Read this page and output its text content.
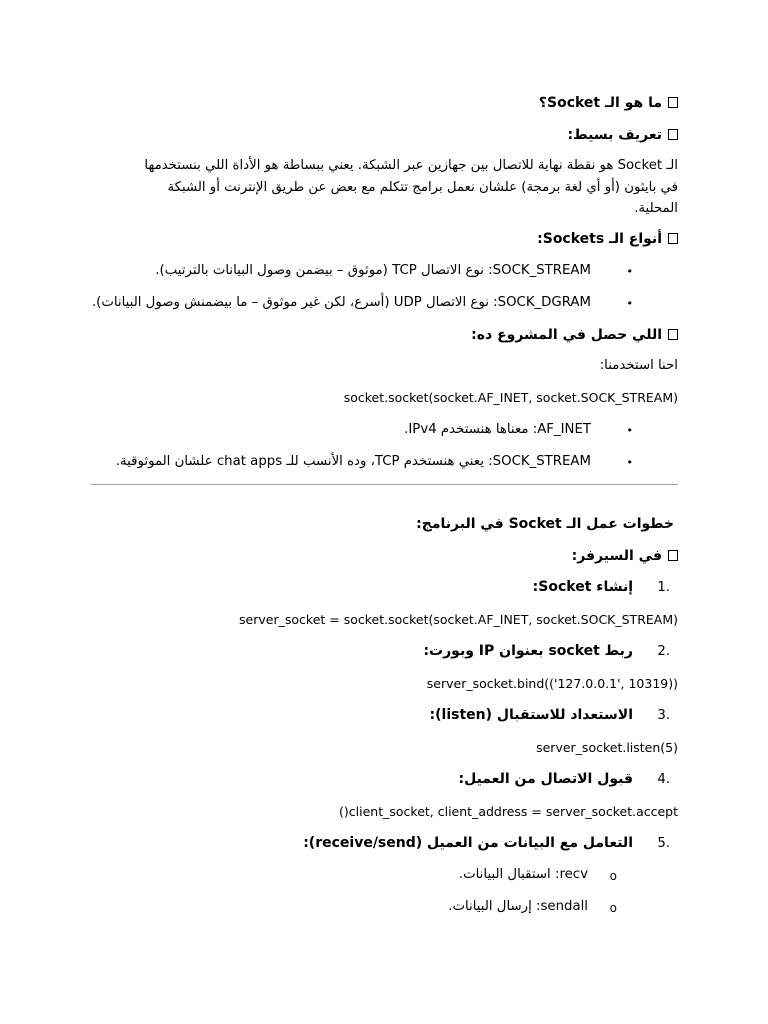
ما هو الـ Socket؟
تعريف بسيط:
الـ Socket هو نقطة نهاية للاتصال بين جهازين عبر الشبكة. يعني ببساطة هو الأداة اللي بنستخدمها
في بايثون (أو أي لغة برمجة) علشان نعمل برامج تتكلم مع بعض عن طريق الإنترنت أو الشبكة
المحلية.
أنواع الـ Sockets:
•
SOCK_STREAM: نوع الاتصال TCP (موثوق – بيضمن وصول البيانات بالترتيب).
•
SOCK_DGRAM: نوع الاتصال UDP (أسرع، لكن غير موثوق – ما بيضمنش وصول البيانات).
اللي حصل في المشروع ده:
احنا استخدمنا:
socket.socket(socket.AF_INET, socket.SOCK_STREAM)
•
AF_INET: معناها هنستخدم IPv4.
•
SOCK_STREAM: يعني هنستخدم TCP، وده الأنسب للـ chat apps علشان الموثوقية.
خطوات عمل الـ Socket في البرنامج:
في السيرفر:
1.
إنشاء Socket:
server_socket = socket.socket(socket.AF_INET, socket.SOCK_STREAM)
2.
ربط socket بعنوان IP وبورت:
server_socket.bind(('127.0.0.1', 10319))
3.
الاستعداد للاستقبال (listen):
server_socket.listen(5)
4.
قبول الاتصال من العميل:
client_socket, client_address = server_socket.accept()
5.
التعامل مع البيانات من العميل (receive/send):
o
recv: استقبال البيانات.
o
sendall: إرسال البيانات.
